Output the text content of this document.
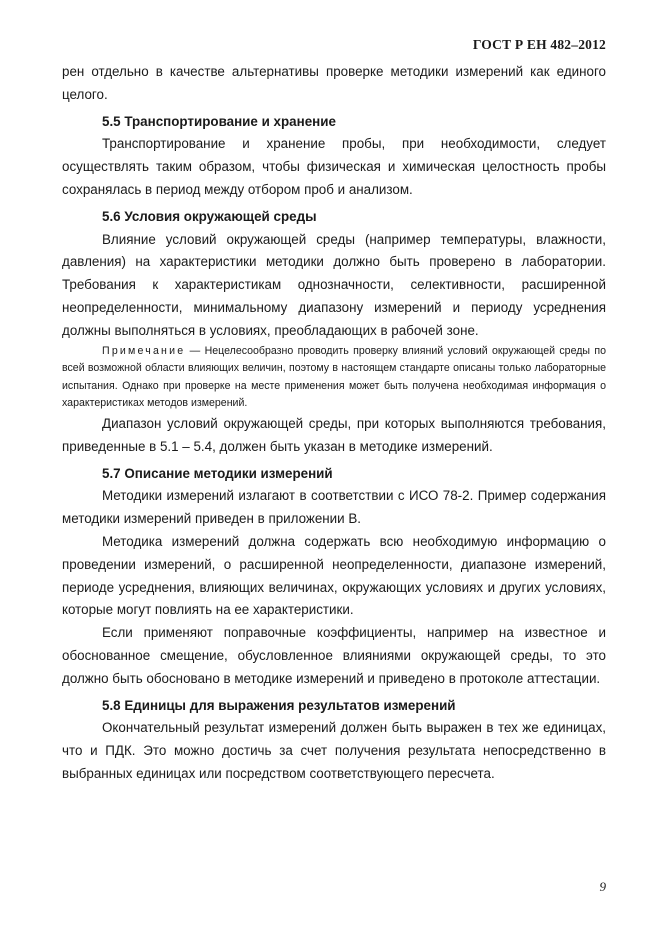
ГОСТ Р ЕН 482–2012

рен отдельно в качестве альтернативы проверке методики измерений как единого целого.

5.5 Транспортирование и хранение

Транспортирование и хранение пробы, при необходимости, следует осуществлять таким образом, чтобы физическая и химическая целостность пробы сохранялась в период между отбором проб и анализом.

5.6 Условия окружающей среды

Влияние условий окружающей среды (например температуры, влажности, давления) на характеристики методики должно быть проверено в лаборатории. Требования к характеристикам однозначности, селективности, расширенной неопределенности, минимальному диапазону измерений и периоду усреднения должны выполняться в условиях, преобладающих в рабочей зоне.

Примечание — Нецелесообразно проводить проверку влияний условий окружающей среды по всей возможной области влияющих величин, поэтому в настоящем стандарте описаны только лабораторные испытания. Однако при проверке на месте применения может быть получена необходимая информация о характеристиках методов измерений.

Диапазон условий окружающей среды, при которых выполняются требования, приведенные в 5.1 – 5.4, должен быть указан в методике измерений.

5.7 Описание методики измерений

Методики измерений излагают в соответствии с ИСО 78-2. Пример содержания методики измерений приведен в приложении В.

Методика измерений должна содержать всю необходимую информацию о проведении измерений, о расширенной неопределенности, диапазоне измерений, периоде усреднения, влияющих величинах, окружающих условиях и других условиях, которые могут повлиять на ее характеристики.

Если применяют поправочные коэффициенты, например на известное и обоснованное смещение, обусловленное влияниями окружающей среды, то это должно быть обосновано в методике измерений и приведено в протоколе аттестации.

5.8 Единицы для выражения результатов измерений

Окончательный результат измерений должен быть выражен в тех же единицах, что и ПДК. Это можно достичь за счет получения результата непосредственно в выбранных единицах или посредством соответствующего пересчета.

9
